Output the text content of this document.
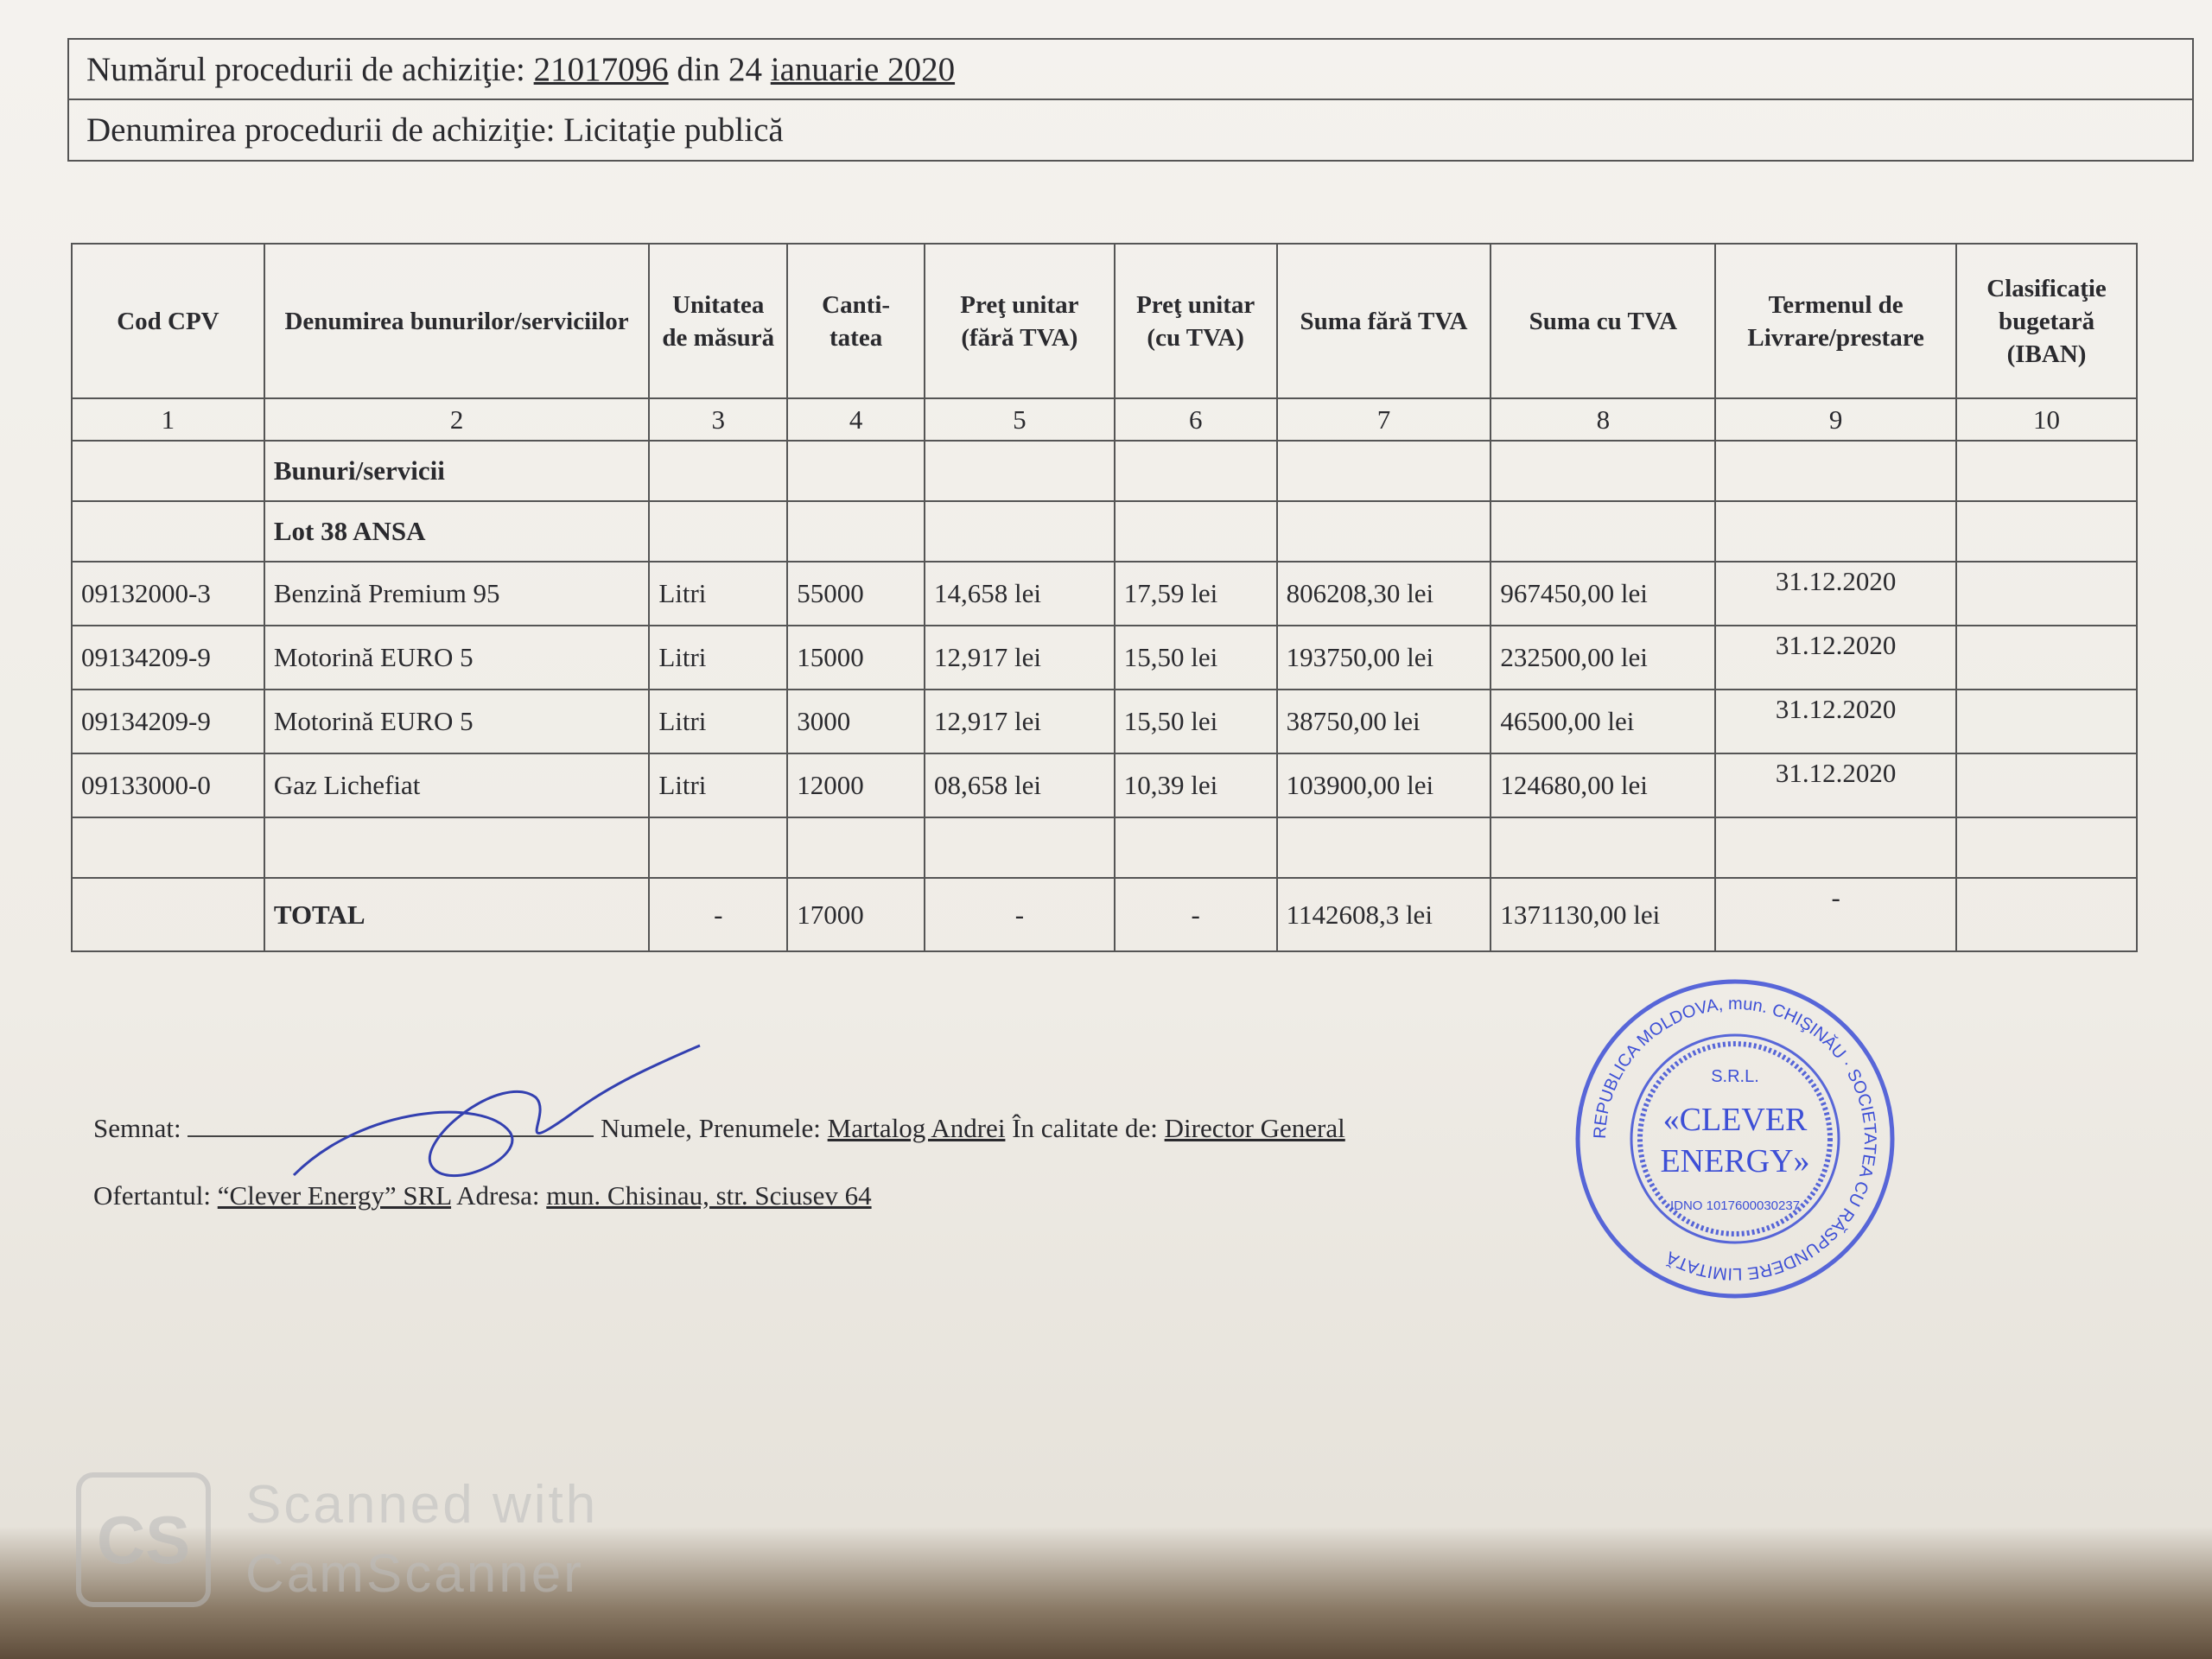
Numărul procedurii de achiziţie: 21017096 din 24 ianuarie 2020
Denumirea procedurii de achiziţie: Licitaţie publică
Cod CPV	Denumirea bunurilor/serviciilor	Unitatea de măsură	Canti-tatea	Preţ unitar (fără TVA)	Preţ unitar (cu TVA)	Suma fără TVA	Suma cu TVA	Termenul de Livrare/prestare	Clasificaţie bugetară (IBAN)
1	2	3	4	5	6	7	8	9	10
	Bunuri/servicii								
	Lot 38 ANSA								
09132000-3	Benzină Premium 95	Litri	55000	14,658 lei	17,59 lei	806208,30 lei	967450,00 lei	31.12.2020	
09134209-9	Motorină EURO 5	Litri	15000	12,917 lei	15,50 lei	193750,00 lei	232500,00 lei	31.12.2020	
09134209-9	Motorină EURO 5	Litri	3000	12,917 lei	15,50 lei	38750,00 lei	46500,00 lei	31.12.2020	
09133000-0	Gaz Lichefiat	Litri	12000	08,658 lei	10,39 lei	103900,00 lei	124680,00 lei	31.12.2020	

	TOTAL	-	17000	-	-	1142608,3 lei	1371130,00 lei	-	
Semnat:	Numele, Prenumele: Martalog Andrei În calitate de: Director General
Ofertantul: “Clever Energy” SRL Adresa: mun. Chisinau, str. Sciusev 64
REPUBLICA MOLDOVA, mun. CHIŞINĂU · SOCIETATEA CU RĂSPUNDERE LIMITATĂ
S.R.L.
«CLEVER
ENERGY»
IDNO 1017600030237
CS	Scanned with
CamScanner
